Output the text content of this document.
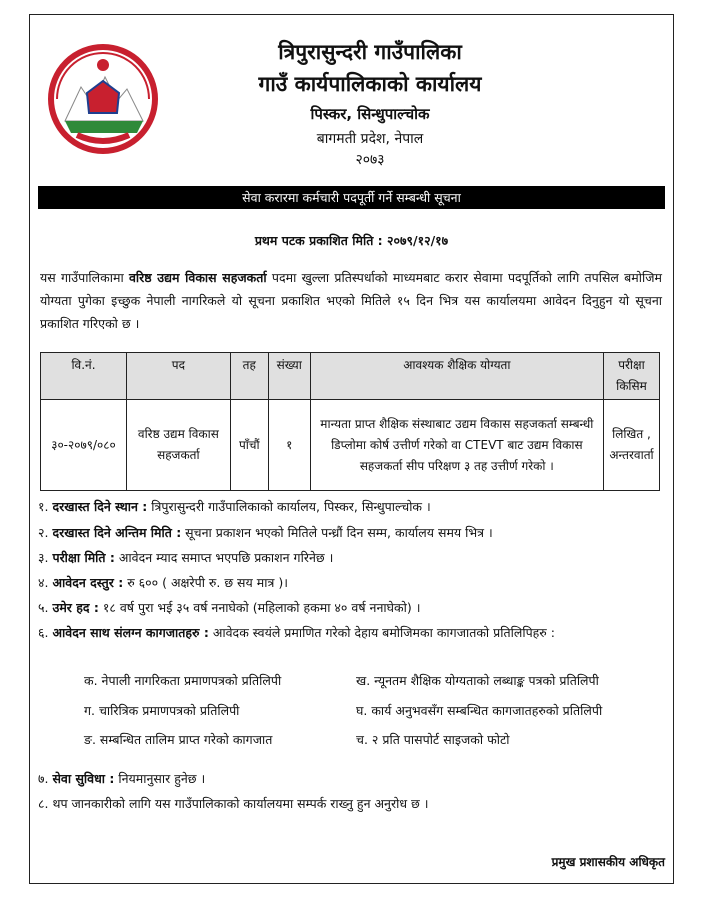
त्रिपुरासुन्दरी गाउँपालिका
गाउँ कार्यपालिकाको कार्यालय
पिस्कर, सिन्धुपाल्चोक
बागमती प्रदेश, नेपाल
२०७३
सेवा करारमा कर्मचारी पदपूर्ती गर्ने सम्बन्धी सूचना
प्रथम पटक प्रकाशित मिति : २०७९/१२/१७
यस गाउँपालिकामा वरिष्ठ उद्यम विकास सहजकर्ता पदमा खुल्ला प्रतिस्पर्धाको माध्यमबाट करार सेवामा पदपूर्तिको लागि तपसिल बमोजिम योग्यता पुगेका इच्छुक नेपाली नागरिकले यो सूचना प्रकाशित भएको मितिले १५ दिन भित्र यस कार्यालयमा आवेदन दिनुहुन यो सूचना प्रकाशित गरिएको छ ।
वि.नं.	पद	तह	संख्या	आवश्यक शैक्षिक योग्यता	परीक्षा किसिम
३०-२०७९/०८०	वरिष्ठ उद्यम विकास सहजकर्ता	पाँचौं	१	मान्यता प्राप्त शैक्षिक संस्थाबाट उद्यम विकास सहजकर्ता सम्बन्धी डिप्लोमा कोर्ष उत्तीर्ण गरेको वा CTEVT बाट उद्यम विकास सहजकर्ता सीप परिक्षण ३ तह उत्तीर्ण गरेको ।	लिखित , अन्तरवार्ता
१. दरखास्त दिने स्थान : त्रिपुरासुन्दरी गाउँपालिकाको कार्यालय, पिस्कर, सिन्धुपाल्चोक ।
२. दरखास्त दिने अन्तिम मिति : सूचना प्रकाशन भएको मितिले पन्ध्रौं दिन सम्म, कार्यालय समय भित्र ।
३. परीक्षा मिति : आवेदन म्याद समाप्त भएपछि प्रकाशन गरिनेछ ।
४. आवेदन दस्तुर : रु ६०० ( अक्षरेपी रु. छ सय मात्र )।
५. उमेर हद : १८ वर्ष पुरा भई ३५ वर्ष ननाघेको (महिलाको हकमा ४० वर्ष ननाघेको) ।
६. आवेदन साथ संलग्न कागजातहरु : आवेदक स्वयंले प्रमाणित गरेको देहाय बमोजिमका कागजातको प्रतिलिपिहरु :
क. नेपाली नागरिकता प्रमाणपत्रको प्रतिलिपी	ख. न्यूनतम शैक्षिक योग्यताको लब्धाङ्क पत्रको प्रतिलिपी
ग. चारित्रिक प्रमाणपत्रको प्रतिलिपी	घ. कार्य अनुभवसँग सम्बन्धित कागजातहरुको प्रतिलिपी
ङ. सम्बन्धित तालिम प्राप्त गरेको कागजात	च. २ प्रति पासपोर्ट साइजको फोटो
७. सेवा सुविधा : नियमानुसार हुनेछ ।
८. थप जानकारीको लागि यस गाउँपालिकाको कार्यालयमा सम्पर्क राख्नु हुन अनुरोध छ ।
प्रमुख प्रशासकीय अधिकृत
